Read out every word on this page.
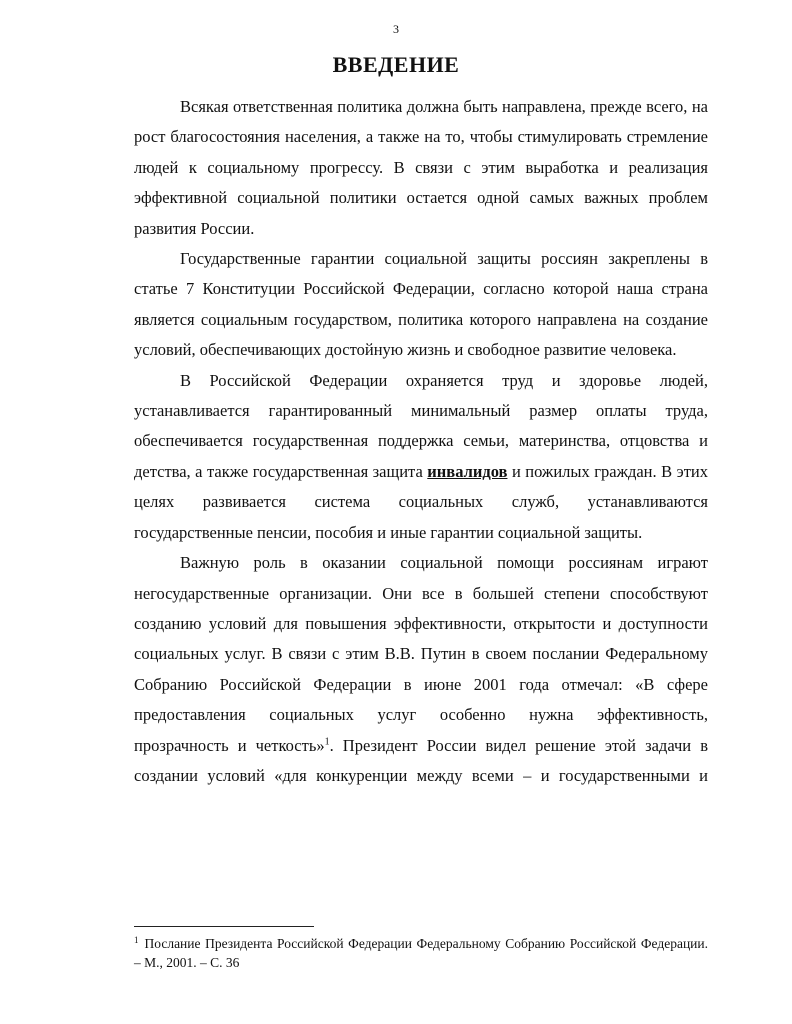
3
ВВЕДЕНИЕ

Всякая ответственная политика должна быть направлена, прежде всего, на рост благосостояния населения, а также на то, чтобы стимулировать стремление людей к социальному прогрессу. В связи с этим выработка и реализация эффективной социальной политики остается одной самых важных проблем развития России.

Государственные гарантии социальной защиты россиян закреплены в статье 7 Конституции Российской Федерации, согласно которой наша страна является социальным государством, политика которого направлена на создание условий, обеспечивающих достойную жизнь и свободное развитие человека.

В Российской Федерации охраняется труд и здоровье людей, устанавливается гарантированный минимальный размер оплаты труда, обеспечивается государственная поддержка семьи, материнства, отцовства и детства, а также государственная защита инвалидов и пожилых граждан. В этих целях развивается система социальных служб, устанавливаются государственные пенсии, пособия и иные гарантии социальной защиты.

Важную роль в оказании социальной помощи россиянам играют негосударственные организации. Они все в большей степени способствуют созданию условий для повышения эффективности, открытости и доступности социальных услуг. В связи с этим В.В. Путин в своем послании Федеральному Собранию Российской Федерации в июне 2001 года отмечал: «В сфере предоставления социальных услуг особенно нужна эффективность, прозрачность и четкость»$^1$. Президент России видел решение этой задачи в создании условий «для конкуренции между всеми – и государственными и

$^1$ Послание Президента Российской Федерации Федеральному Собранию Российской Федерации. – М., 2001. – С. 36
